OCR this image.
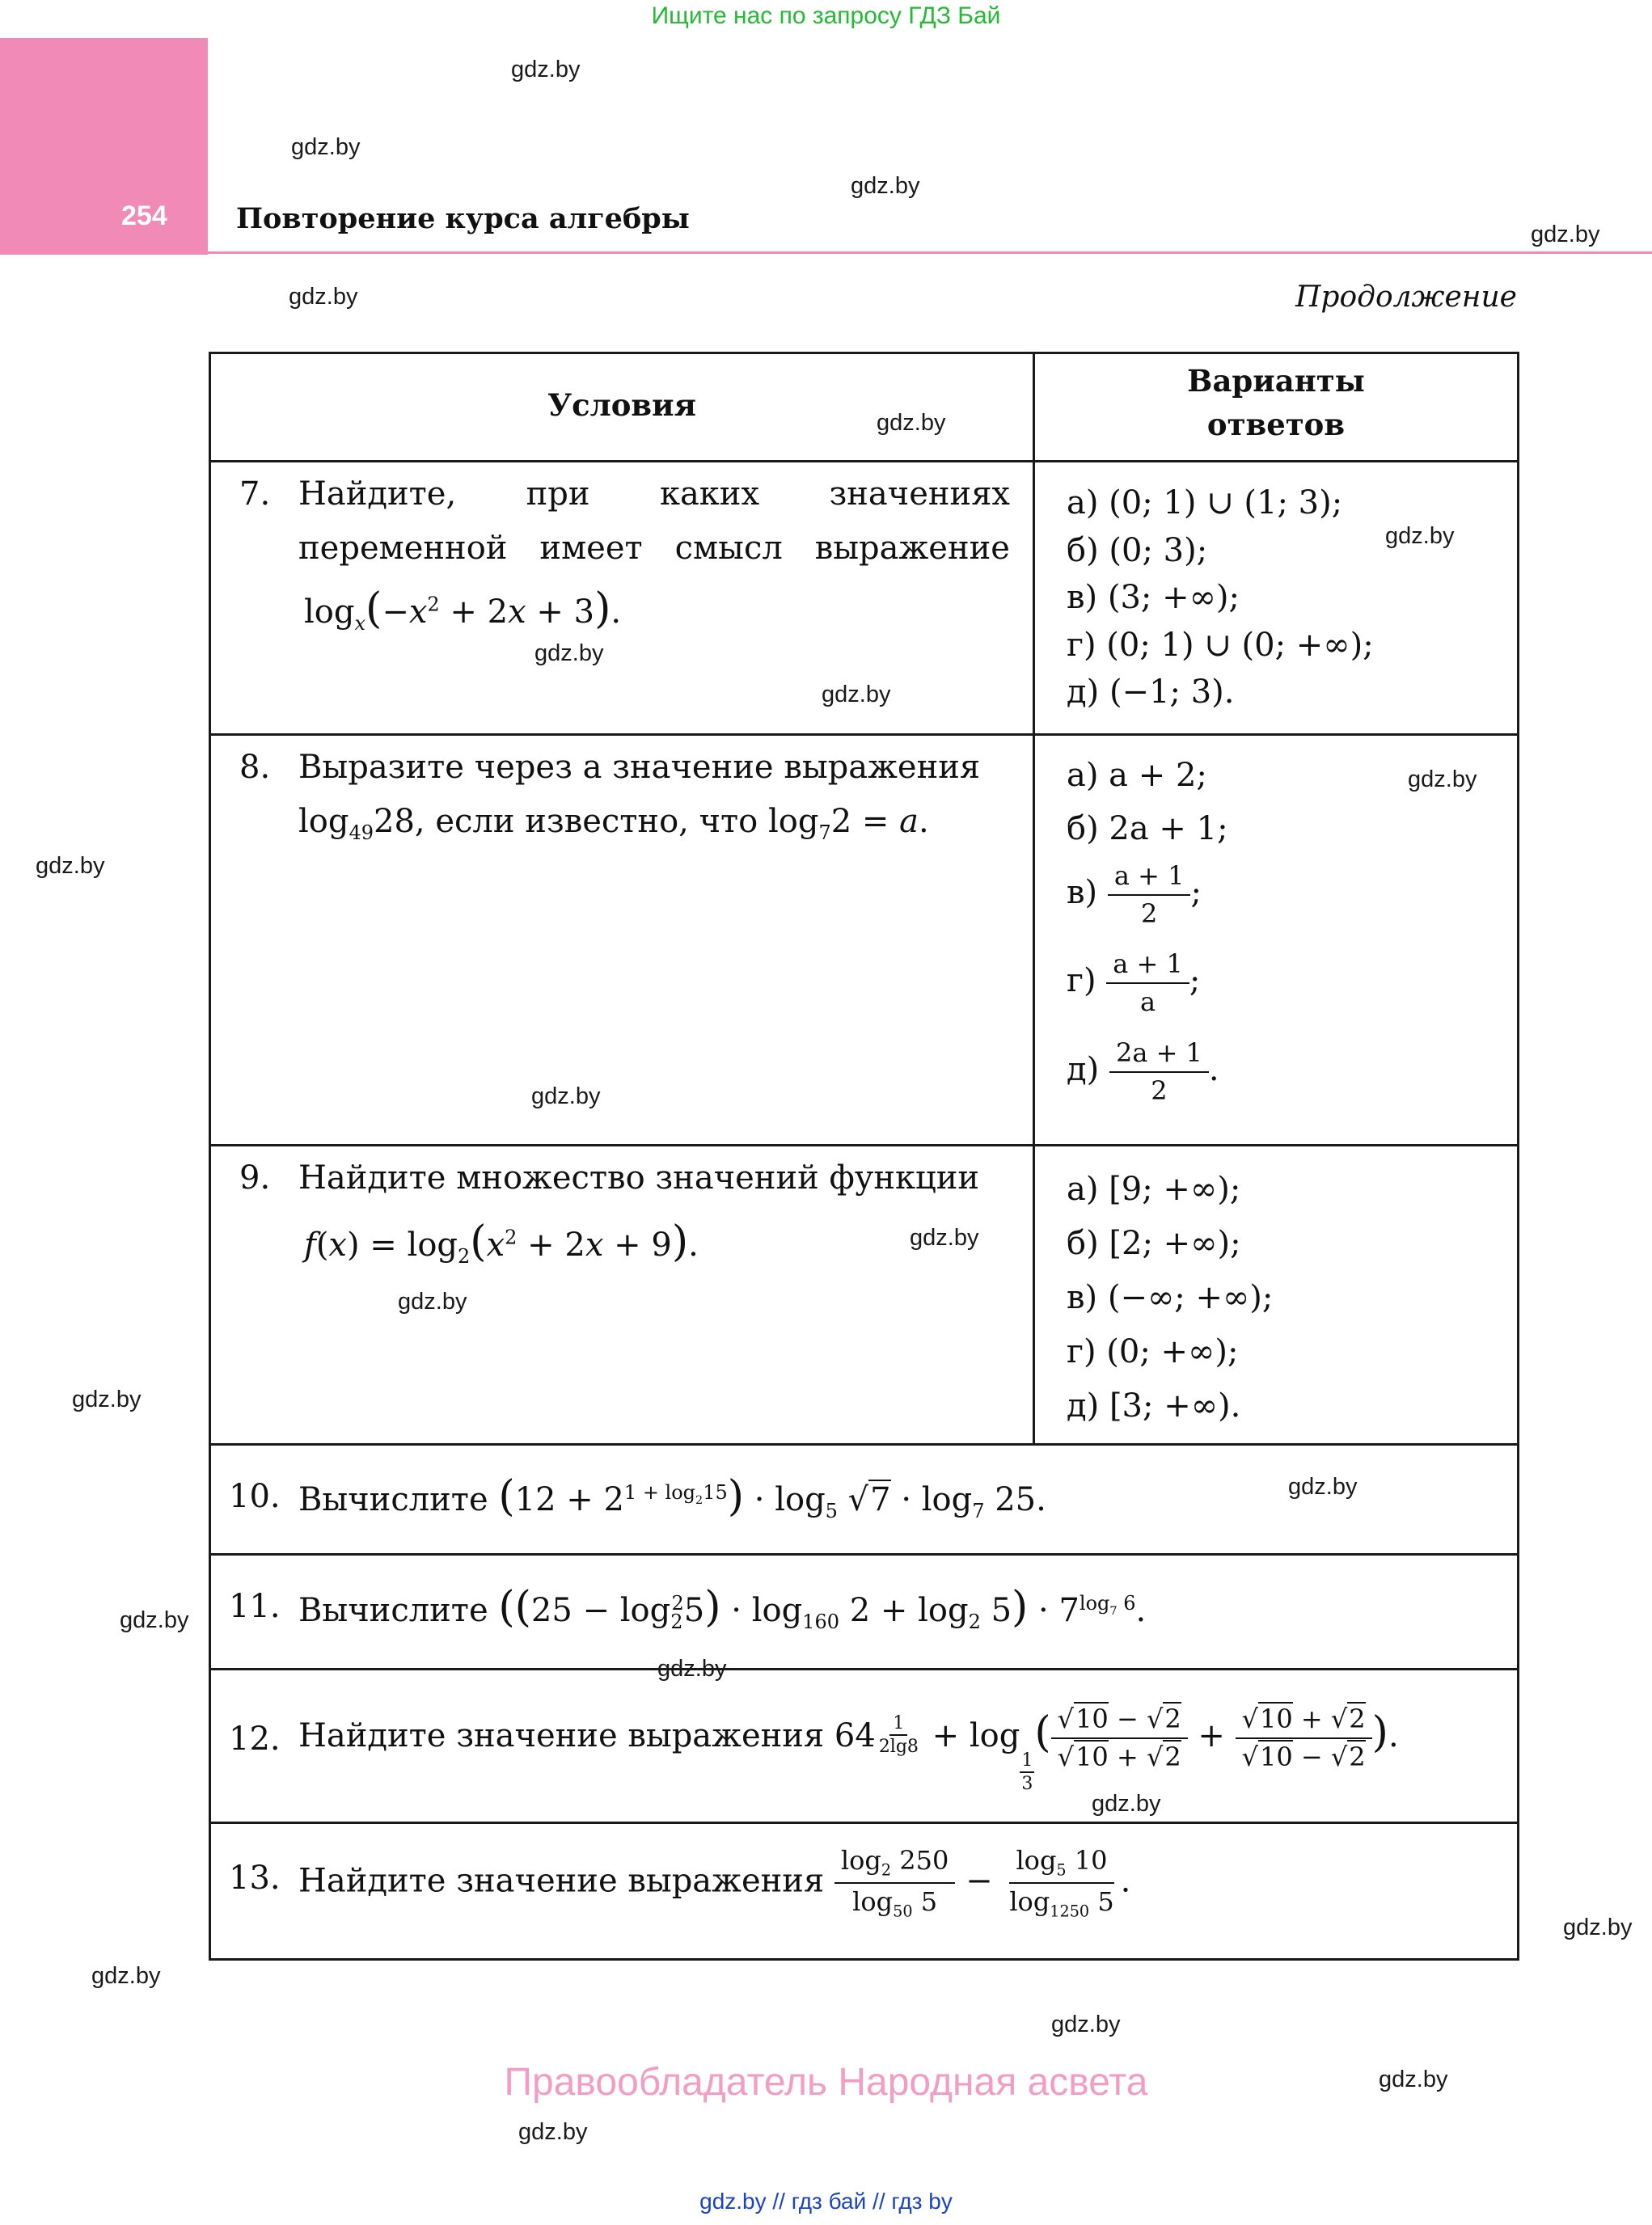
Ищите нас по запросу ГДЗ Бай
254 Повторение курса алгебры
Продолжение
Условия
Варианты
ответов
7. Найдите, при каких значениях
переменной имеет смысл выражение
$\log_x(-x^2 + 2x + 3)$.
а) (0; 1) ∪ (1; 3);
б) (0; 3);
в) (3; +∞);
г) (0; 1) ∪ (0; +∞);
д) (−1; 3).
8. Выразите через a значение выражения
$\log_{49}28$, если известно, что $\log_72 = a$.
а) a + 2;
б) 2a + 1;
$в) \frac{a + 1}{2}$ ;
$г) \frac{a + 1}{a}$ ;
$д) \frac{2a + 1}{2}$ .
9. Найдите множество значений функции
$f(x) = \log_2(x^2 + 2x + 9)$.
а) [9; +∞);
б) [2; +∞);
в) (−∞; +∞);
г) (0; +∞);
д) [3; +∞).
10. Вычислите $(12 + 2^{1 + log_215}) \cdot \log_5 √7 \cdot \log_7 25$.
11. Вычислите $((25 - \log_2^25) \cdot \log_{160} 2 + \log_2 5) \cdot 7^{log_7 6}$.
12. Найдите значение выражения 64 $^{\frac{1}{2\lg 8}}$ + log
$_{\frac{1}{3}}$
( $\frac{√10 - √2}{√10 + √2} + \frac{√10 + √2}{√10 - √2}$ ).
13. Найдите значение выражения $\frac{\log_2 250}{\log_{50} 5} - \frac{\log_5 10}{\log_{1250} 5}$ .
gdz.by
gdz.by
gdz.by
gdz.by
gdz.by
gdz.by
gdz.by
gdz.by
gdz.by
gdz.by
gdz.by
gdz.by
gdz.by
gdz.by
gdz.by
gdz.by
gdz.by
gdz.by
gdz.by
gdz.by
gdz.by
gdz.by
gdz.by
gdz.by
Правообладатель Народная асвета
gdz.by // гдз бай // гдз by
